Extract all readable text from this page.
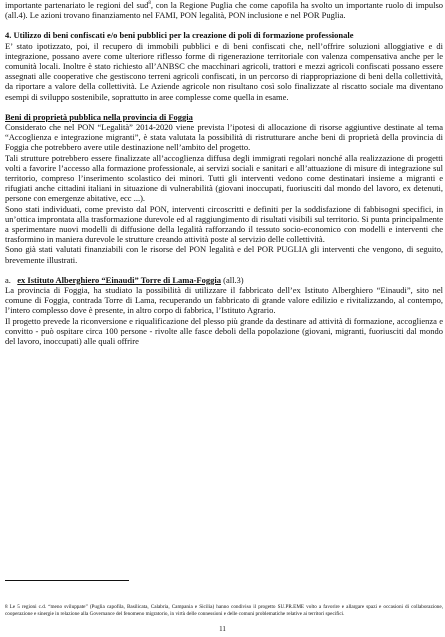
importante partenariato le regioni del sud$^8$, con la Regione Puglia che come capofila ha svolto un importante ruolo di impulso (all.4). Le azioni trovano finanziamento nel FAMI, PON legalità, PON inclusione e nel POR Puglia.

4. Utilizzo di beni confiscati e/o beni pubblici per la creazione di poli di formazione professionale

E’ stato ipotizzato, poi, il recupero di immobili pubblici e di beni confiscati che, nell’offrire soluzioni alloggiative e di integrazione, possano avere come ulteriore riflesso forme di rigenerazione territoriale con valenza compensativa anche per le comunità locali. Inoltre è stato richiesto all’ANBSC che macchinari agricoli, trattori e mezzi agricoli confiscati possano essere assegnati alle cooperative che gestiscono terreni agricoli confiscati, in un percorso di riappropriazione di beni della collettività, da riportare a valore della collettività. Le Aziende agricole non risultano così solo finalizzate al riscatto sociale ma diventano esempi di sviluppo sostenibile, soprattutto in aree complesse come quella in esame.

Beni di proprietà pubblica nella provincia di Foggia

Considerato che nel PON “Legalità” 2014-2020 viene prevista l’ipotesi di allocazione di risorse aggiuntive destinate al tema “Accoglienza e integrazione migranti”, è stata valutata la possibilità di ristrutturare anche beni di proprietà della provincia di Foggia che potrebbero avere utile destinazione nell’ambito del progetto.

Tali strutture potrebbero essere finalizzate all’accoglienza diffusa degli immigrati regolari nonché alla realizzazione di progetti volti a favorire l’accesso alla formazione professionale, ai servizi sociali e sanitari e all’attuazione di misure di integrazione sul territorio, compreso l’inserimento scolastico dei minori. Tutti gli interventi vedono come destinatari insieme a migranti e rifugiati anche cittadini italiani in situazione di vulnerabilità (giovani inoccupati, fuoriusciti dal mondo del lavoro, ex detenuti, persone con emergenze abitative, ecc ...).

Sono stati individuati, come previsto dal PON, interventi circoscritti e definiti per la soddisfazione di fabbisogni specifici, in un’ottica improntata alla trasformazione durevole ed al raggiungimento di risultati visibili sul territorio. Si punta principalmente a sperimentare nuovi modelli di diffusione della legalità rafforzando il tessuto socio-economico con modelli e interventi che trasformino in maniera durevole le strutture creando attività poste al servizio delle collettività.

Sono già stati valutati finanziabili con le risorse del PON legalità e del POR PUGLIA gli interventi che vengono, di seguito, brevemente illustrati.

a. ex Istituto Alberghiero “Einaudi” Torre di Lama-Foggia (all.3)

La provincia di Foggia, ha studiato la possibilità di utilizzare il fabbricato dell’ex Istituto Alberghiero “Einaudi”, sito nel comune di Foggia, contrada Torre di Lama, recuperando un fabbricato di grande valore edilizio e rivitalizzando, al contempo, l’intero complesso dove è presente, in altro corpo di fabbrica, l’Istituto Agrario.

Il progetto prevede la riconversione e riqualificazione del plesso più grande da destinare ad attività di formazione, accoglienza e convitto - può ospitare circa 100 persone - rivolte alle fasce deboli della popolazione (giovani, migranti, fuoriusciti dal mondo del lavoro, inoccupati) alle quali offrire

8 Le 5 regioni c.d. “meno sviluppate” (Puglia capofila, Basilicata, Calabria, Campania e Sicilia) hanno condiviso il progetto SU.PR.EME volto a favorire e allargare spazi e occasioni di collaborazione, cooperazione e sinergie in relazione alla Governance del fenomeno migratorio, in virtù delle connessioni e delle comuni problematiche relative ai territori specifici.

11
